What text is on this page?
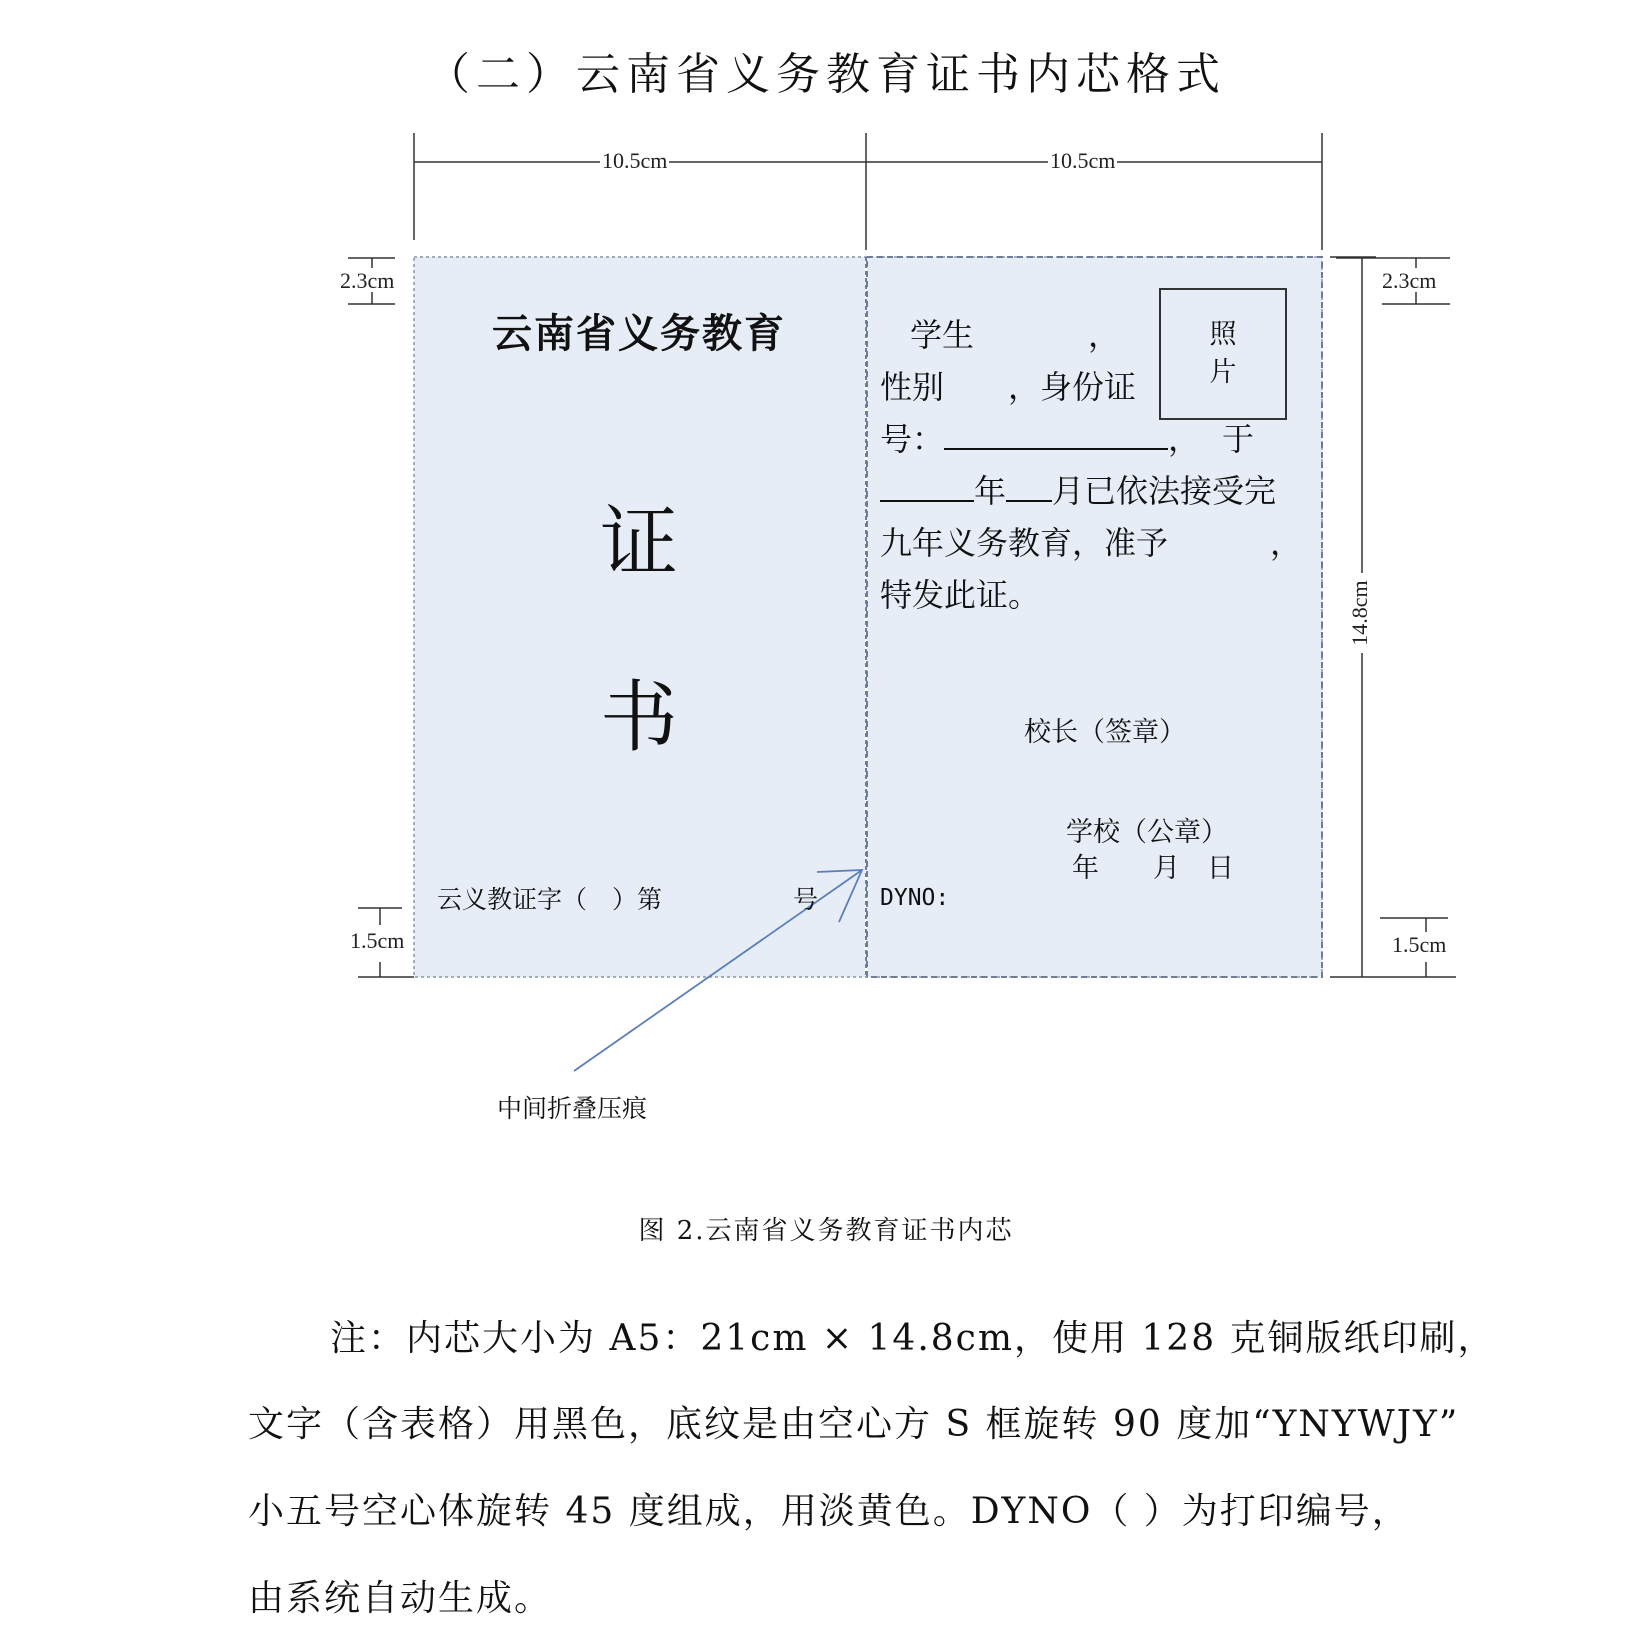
（二）云南省义务教育证书内芯格式
10.5cm	10.5cm
2.3cm	2.3cm
1.5cm	1.5cm
14.8cm
云南省义务教育
证
书
云义教证字（　）第	号
照
片
学生	，
性别　　，身份证
号：	， 于
年 月已依法接受完
九年义务教育，准予	，
特发此证。
校长（签章）
学校（公章）
年　　月　日
DYNO:
中间折叠压痕
图 2.云南省义务教育证书内芯
注：内芯大小为 A5：21cm × 14.8cm，使用 128 克铜版纸印刷，
文字（含表格）用黑色，底纹是由空心方 S 框旋转 90 度加“YNYWJY”
小五号空心体旋转 45 度组成，用淡黄色。DYNO（ ）为打印编号，
由系统自动生成。
